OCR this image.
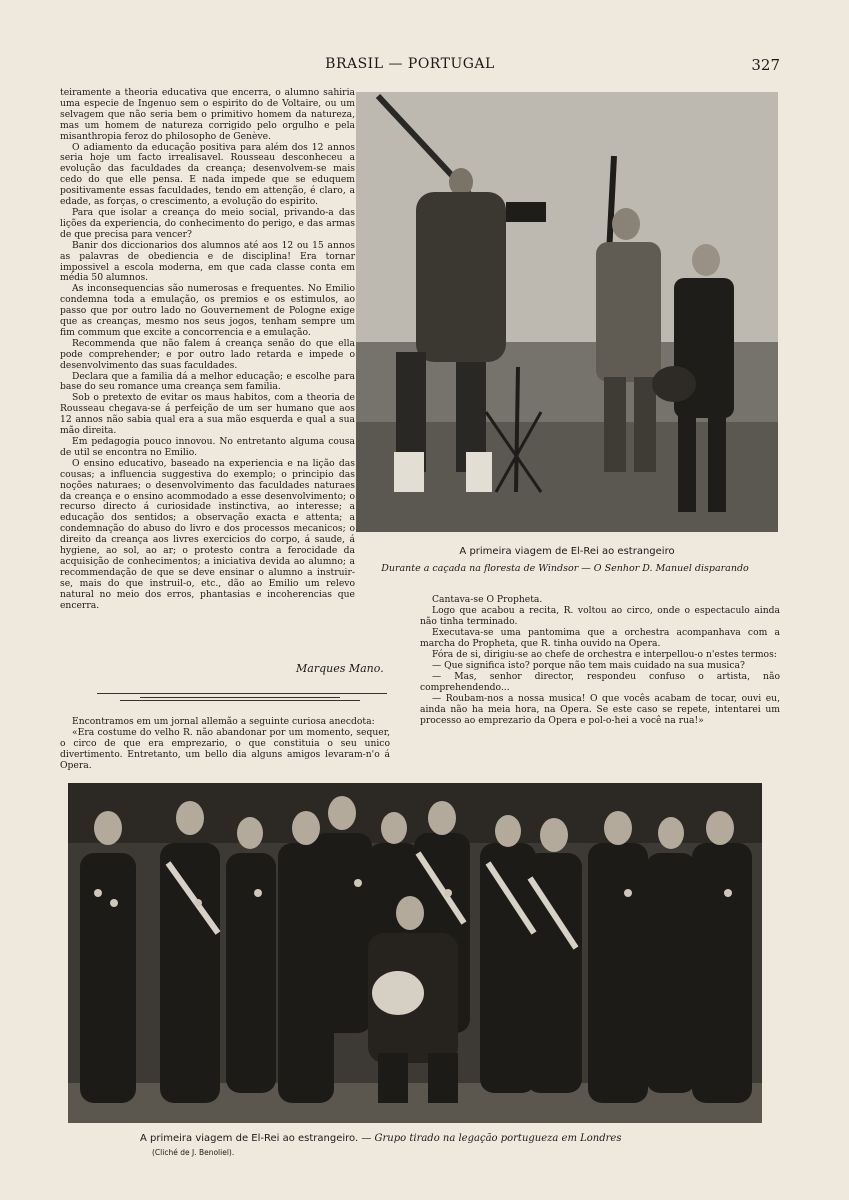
BRASIL — PORTUGAL	327

teiramente a theoria educativa que encerra, o alumno sahiria uma especie de Ingenuo sem o espirito do de Voltaire, ou um selvagem que não seria bem o primitivo homem da natureza, mas um homem de natureza corrigido pelo orgulho e pela misanthropia feroz do philosopho de Genève.

O adiamento da educação positiva para além dos 12 annos seria hoje um facto irrealisavel. Rousseau desconheceu a evolução das faculdades da creança; desenvolvem-se mais cedo do que elle pensa. E nada impede que se eduquem positivamente essas faculdades, tendo em attenção, é claro, a edade, as forças, o crescimento, a evolução do espirito.

Para que isolar a creança do meio social, privando-a das lições da experiencia, do conhecimento do perigo, e das armas de que precisa para vencer?

Banir dos diccionarios dos alumnos até aos 12 ou 15 annos as palavras de obediencia e de disciplina! Era tornar impossivel a escola moderna, em que cada classe conta em média 50 alumnos.

As inconsequencias são numerosas e frequentes. No Emilio condemna toda a emulação, os premios e os estimulos, ao passo que por outro lado no Gouvernement de Pologne exige que as creanças, mesmo nos seus jogos, tenham sempre um fim commum que excite a concorrencia e a emulação.

Recommenda que não falem á creança senão do que ella pode comprehender; e por outro lado retarda e impede o desenvolvimento das suas faculdades.

Declara que a familia dá a melhor educação; e escolhe para base do seu romance uma creança sem familia.

Sob o pretexto de evitar os maus habitos, com a theoria de Rousseau chegava-se á perfeição de um ser humano que aos 12 annos não sabia qual era a sua mão esquerda e qual a sua mão direita.

Em pedagogia pouco innovou. No entretanto alguma cousa de util se encontra no Emilio.

O ensino educativo, baseado na experiencia e na lição das cousas; a influencia suggestiva do exemplo; o principio das noções naturaes; o desenvolvimento das faculdades naturaes da creança e o ensino acommodado a esse desenvolvimento; o recurso directo á curiosidade instinctiva, ao interesse; a educação dos sentidos; a observação exacta e attenta; a condemnação do abuso do livro e dos processos mecanicos; o direito da creança aos livres exercicios do corpo, á saude, á hygiene, ao sol, ao ar; o protesto contra a ferocidade da acquisição de conhecimentos; a iniciativa devida ao alumno; a recommendação de que se deve ensinar o alumno a instruir-se, mais do que instruil-o, etc., dão ao Emilio um relevo natural no meio dos erros, phantasias e incoherencias que encerra.

Marques Mano.

Encontramos em um jornal allemão a seguinte curiosa anecdota:

«Era costume do velho R. não abandonar por um momento, sequer, o circo de que era emprezario, o que constituia o seu unico divertimento. Entretanto, um bello dia alguns amigos levaram-n'o á Opera.

Cantava-se O Propheta.

Logo que acabou a recita, R. voltou ao circo, onde o espectaculo ainda não tinha terminado.

Executava-se uma pantomima que a orchestra acompanhava com a marcha do Propheta, que R. tinha ouvido na Opera.

Fóra de si, dirigiu-se ao chefe de orchestra e interpellou-o n'estes termos:

— Que significa isto? porque não tem mais cuidado na sua musica?

— Mas, senhor director, respondeu confuso o artista, não comprehendendo...

— Roubam-nos a nossa musica! O que vocês acabam de tocar, ouvi eu, ainda não ha meia hora, na Opera. Se este caso se repete, intentarei um processo ao emprezario da Opera e pol-o-hei a você na rua!»

A primeira viagem de El-Rei ao estrangeiro
Durante a caçada na floresta de Windsor — O Senhor D. Manuel disparando
A primeira viagem de El-Rei ao estrangeiro. — Grupo tirado na legação portugueza em Londres
(Cliché de J. Benoliel).
